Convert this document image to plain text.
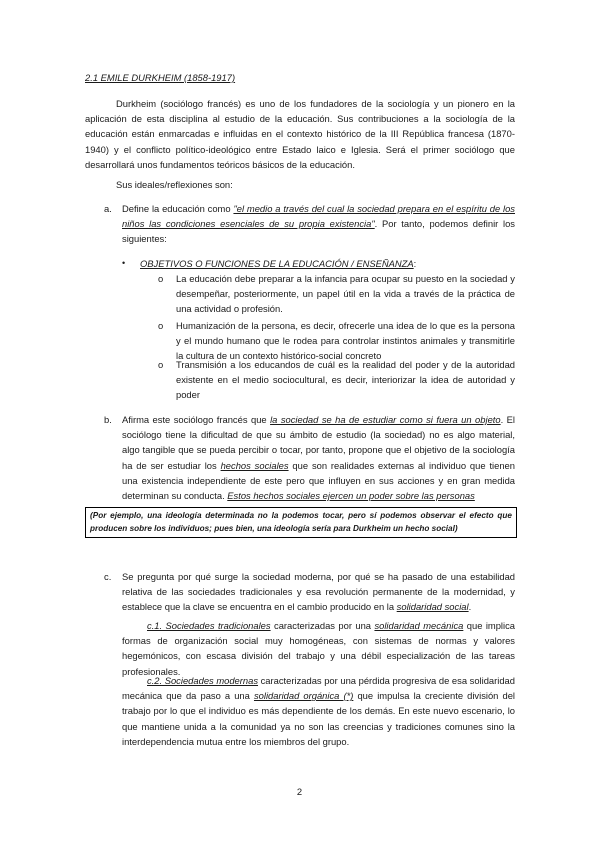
2.1 EMILE DURKHEIM (1858-1917)

Durkheim (sociólogo francés) es uno de los fundadores de la sociología y un pionero en la aplicación de esta disciplina al estudio de la educación. Sus contribuciones a la sociología de la educación están enmarcadas e influidas en el contexto histórico de la III República francesa (1870-1940) y el conflicto político-ideológico entre Estado laico e Iglesia. Será el primer sociólogo que desarrollará unos fundamentos teóricos básicos de la educación.

Sus ideales/reflexiones son:

a. Define la educación como "el medio a través del cual la sociedad prepara en el espíritu de los niños las condiciones esenciales de su propia existencia". Por tanto, podemos definir los siguientes:

• OBJETIVOS O FUNCIONES DE LA EDUCACIÓN / ENSEÑANZA:

o La educación debe preparar a la infancia para ocupar su puesto en la sociedad y desempeñar, posteriormente, un papel útil en la vida a través de la práctica de una actividad o profesión.

o Humanización de la persona, es decir, ofrecerle una idea de lo que es la persona y el mundo humano que le rodea para controlar instintos animales y transmitirle la cultura de un contexto histórico-social concreto

o Transmisión a los educandos de cuál es la realidad del poder y de la autoridad existente en el medio sociocultural, es decir, interiorizar la idea de autoridad y poder

b. Afirma este sociólogo francés que la sociedad se ha de estudiar como si fuera un objeto. El sociólogo tiene la dificultad de que su ámbito de estudio (la sociedad) no es algo material, algo tangible que se pueda percibir o tocar, por tanto, propone que el objetivo de la sociología ha de ser estudiar los hechos sociales que son realidades externas al individuo que tienen una existencia independiente de este pero que influyen en sus acciones y en gran medida determinan su conducta. Estos hechos sociales ejercen un poder sobre las personas

(Por ejemplo, una ideología determinada no la podemos tocar, pero sí podemos observar el efecto que producen sobre los individuos; pues bien, una ideología sería para Durkheim un hecho social)

c. Se pregunta por qué surge la sociedad moderna, por qué se ha pasado de una estabilidad relativa de las sociedades tradicionales y esa revolución permanente de la modernidad, y establece que la clave se encuentra en el cambio producido en la solidaridad social.

c.1. Sociedades tradicionales caracterizadas por una solidaridad mecánica que implica formas de organización social muy homogéneas, con sistemas de normas y valores hegemónicos, con escasa división del trabajo y una débil especialización de las tareas profesionales.

c.2. Sociedades modernas caracterizadas por una pérdida progresiva de esa solidaridad mecánica que da paso a una solidaridad orgánica (*) que impulsa la creciente división del trabajo por lo que el individuo es más dependiente de los demás. En este nuevo escenario, lo que mantiene unida a la comunidad ya no son las creencias y tradiciones comunes sino la interdependencia mutua entre los miembros del grupo.

2
